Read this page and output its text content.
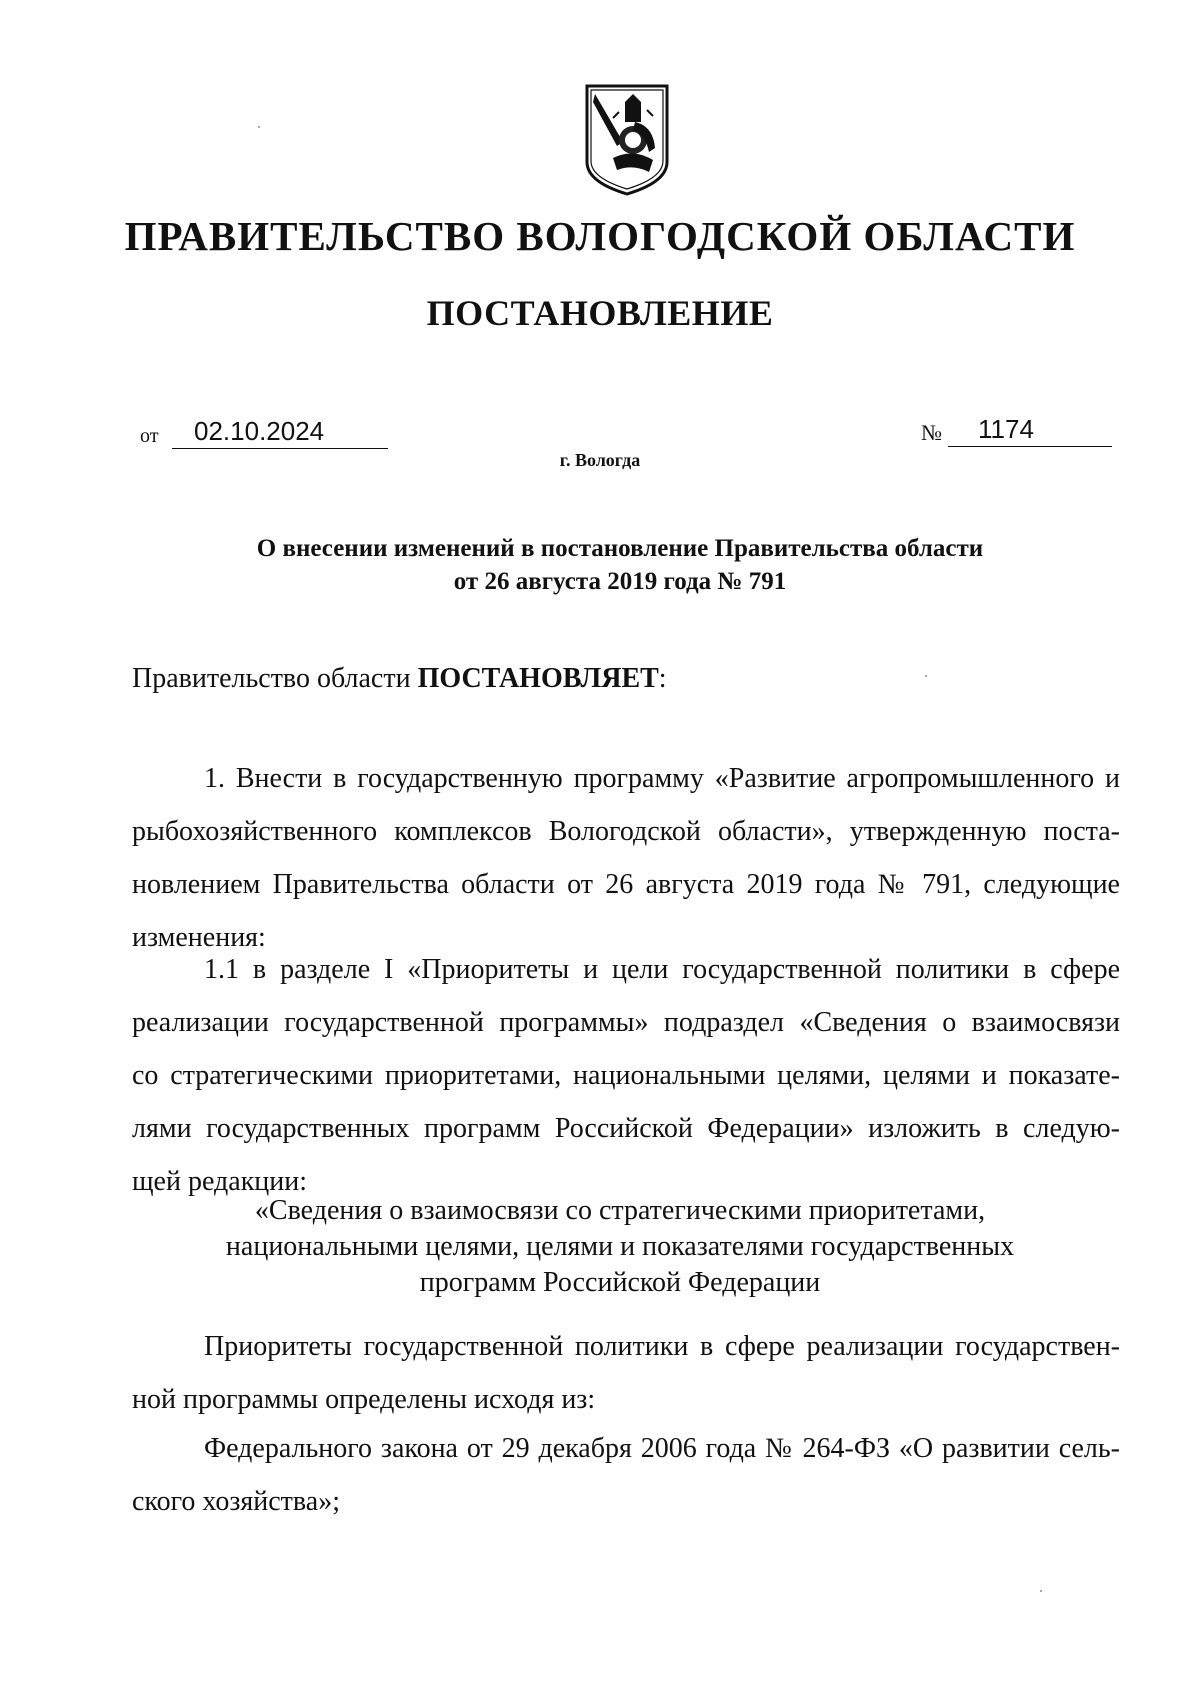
ПРАВИТЕЛЬСТВО ВОЛОГОДСКОЙ ОБЛАСТИ
ПОСТАНОВЛЕНИЕ
от	02.10.2024	№	1174
г. Вологда
О внесении изменений в постановление Правительства области
от 26 августа 2019 года № 791
Правительство области ПОСТАНОВЛЯЕТ:
1. Внести в государственную программу «Развитие агропромышленного и
рыбохозяйственного комплексов Вологодской области», утвержденную поста-
новлением Правительства области от 26 августа 2019 года № 791, следующие
изменения:
1.1 в разделе I «Приоритеты и цели государственной политики в сфере
реализации государственной программы» подраздел «Сведения о взаимосвязи
со стратегическими приоритетами, национальными целями, целями и показате-
лями государственных программ Российской Федерации» изложить в следую-
щей редакции:
«Сведения о взаимосвязи со стратегическими приоритетами,
национальными целями, целями и показателями государственных
программ Российской Федерации
Приоритеты государственной политики в сфере реализации государствен-
ной программы определены исходя из:
Федерального закона от 29 декабря 2006 года № 264-ФЗ «О развитии сель-
ского хозяйства»;
